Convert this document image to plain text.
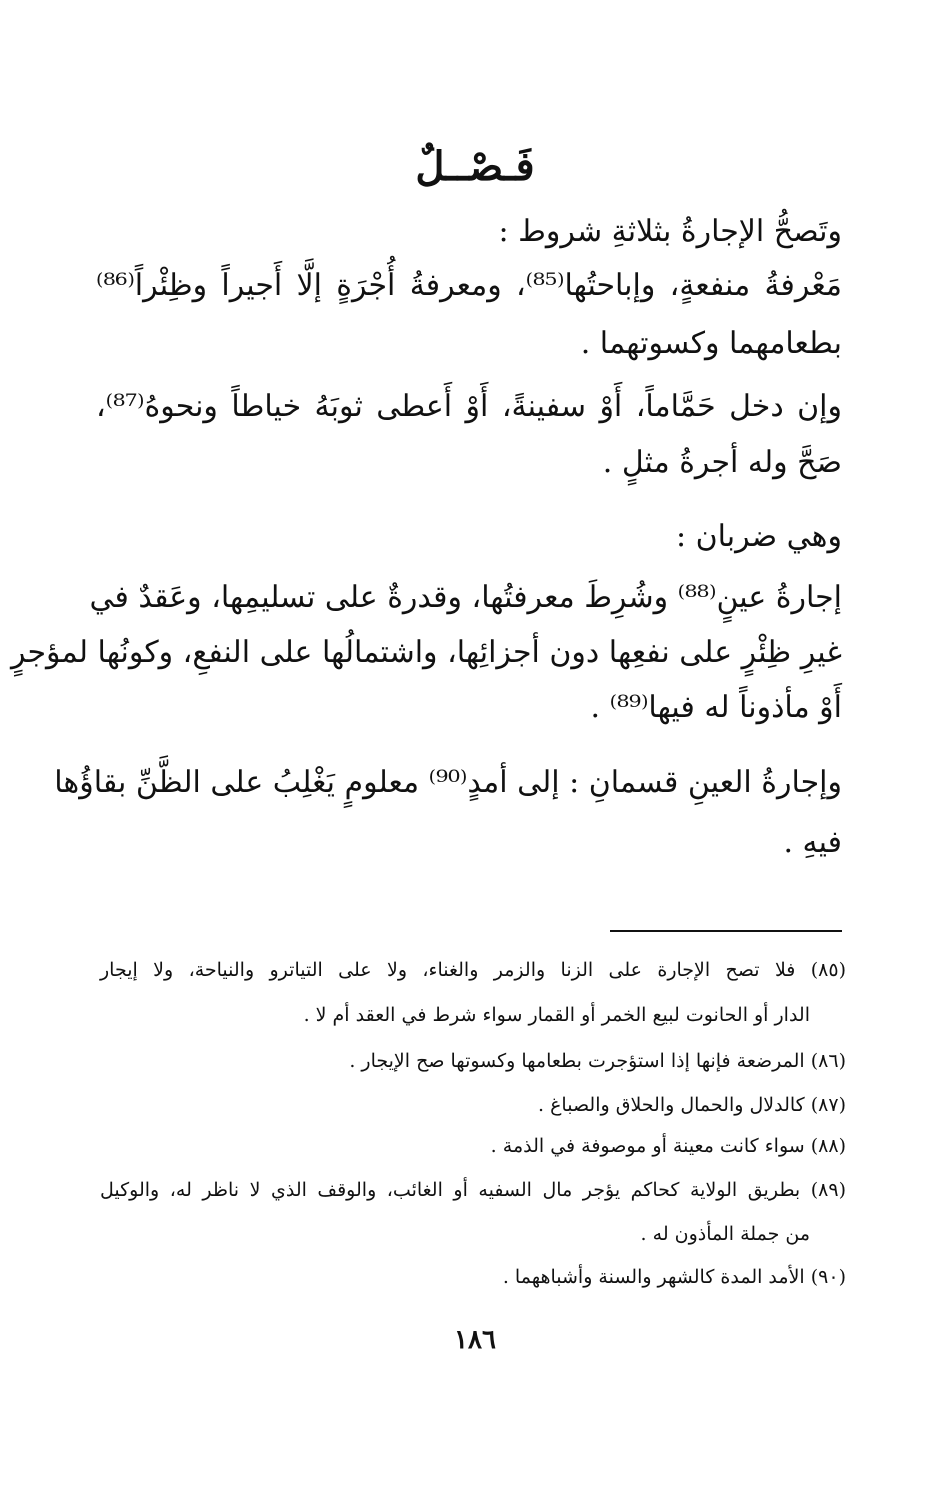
فَـصْــلٌ
وتَصحُّ الإجارةُ بثلاثةِ شروط :
مَعْرفةُ منفعةٍ، وإباحتُها⁽⁸⁵⁾، ومعرفةُ أُجْرَةٍ إلَّا أَجيراً وظِئْراً⁽⁸⁶⁾
بطعامهما وكسوتهما .
وإن دخل حَمَّاماً، أَوْ سفينةً، أَوْ أَعطى ثوبَهُ خياطاً ونحوهُ⁽⁸⁷⁾،
صَحَّ وله أجرةُ مثلٍ .
وهي ضربان :
إجارةُ عينٍ⁽⁸⁸⁾ وشُرِطَ معرفتُها، وقدرةٌ على تسليمِها، وعَقدٌ في
غيرِ ظِئْرٍ على نفعِها دون أجزائِها، واشتمالُها على النفعِ، وكونُها لمؤجرٍ
أَوْ مأذوناً له فيها⁽⁸⁹⁾ .
وإجارةُ العينِ قسمانِ : إلى أمدٍ⁽⁹⁰⁾ معلومٍ يَغْلِبُ على الظَّنِّ بقاؤُها
فيهِ .
(٨٥) فلا تصح الإجارة على الزنا والزمر والغناء، ولا على التياترو والنياحة، ولا إيجار
الدار أو الحانوت لبيع الخمر أو القمار سواء شرط في العقد أم لا .
(٨٦) المرضعة فإنها إذا استؤجرت بطعامها وكسوتها صح الإيجار .
(٨٧) كالدلال والحمال والحلاق والصباغ .
(٨٨) سواء كانت معينة أو موصوفة في الذمة .
(٨٩) بطريق الولاية كحاكم يؤجر مال السفيه أو الغائب، والوقف الذي لا ناظر له، والوكيل
من جملة المأذون له .
(٩٠) الأمد المدة كالشهر والسنة وأشباههما .
١٨٦
